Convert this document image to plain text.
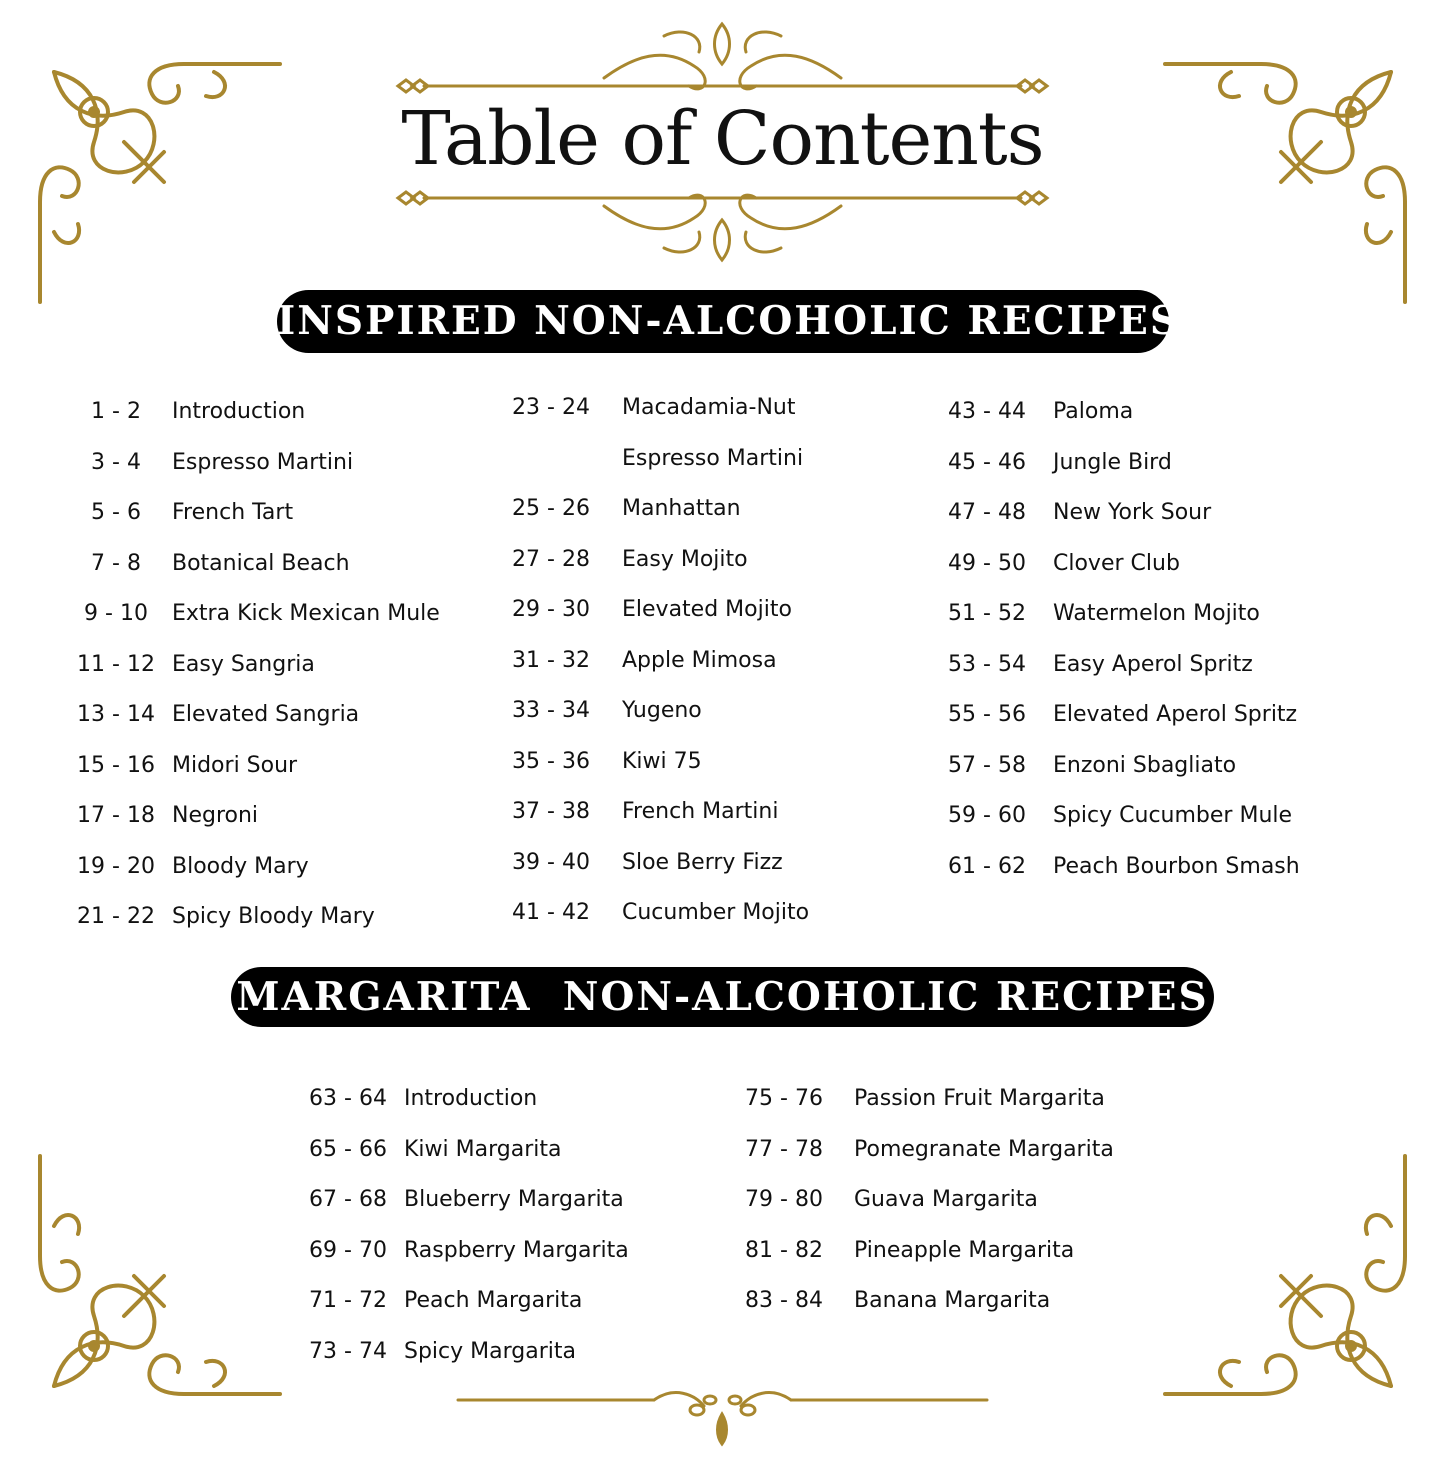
Table of Contents
INSPIRED NON-ALCOHOLIC RECIPES
MARGARITA  NON-ALCOHOLIC RECIPES
1 - 2	Introduction
3 - 4	Espresso Martini
5 - 6	French Tart
7 - 8	Botanical Beach
9 - 10	Extra Kick Mexican Mule
11 - 12 Easy Sangria
13 - 14 Elevated Sangria
15 - 16 Midori Sour
17 - 18 Negroni
19 - 20 Bloody Mary
21 - 22 Spicy Bloody Mary
23 - 24	Macadamia-Nut
Espresso Martini
25 - 26	Manhattan
27 - 28	Easy Mojito
29 - 30	Elevated Mojito
31 - 32	Apple Mimosa
33 - 34	Yugeno
35 - 36	Kiwi 75
37 - 38	French Martini
39 - 40	Sloe Berry Fizz
41 - 42	Cucumber Mojito
43 - 44	Paloma
45 - 46	Jungle Bird
47 - 48	New York Sour
49 - 50	Clover Club
51 - 52	Watermelon Mojito
53 - 54	Easy Aperol Spritz
55 - 56	Elevated Aperol Spritz
57 - 58	Enzoni Sbagliato
59 - 60	Spicy Cucumber Mule
61 - 62	Peach Bourbon Smash
63 - 64 Introduction
65 - 66 Kiwi Margarita
67 - 68 Blueberry Margarita
69 - 70 Raspberry Margarita
71 - 72 Peach Margarita
73 - 74 Spicy Margarita
75 - 76	Passion Fruit Margarita
77 - 78	Pomegranate Margarita
79 - 80	Guava Margarita
81 - 82	Pineapple Margarita
83 - 84	Banana Margarita
